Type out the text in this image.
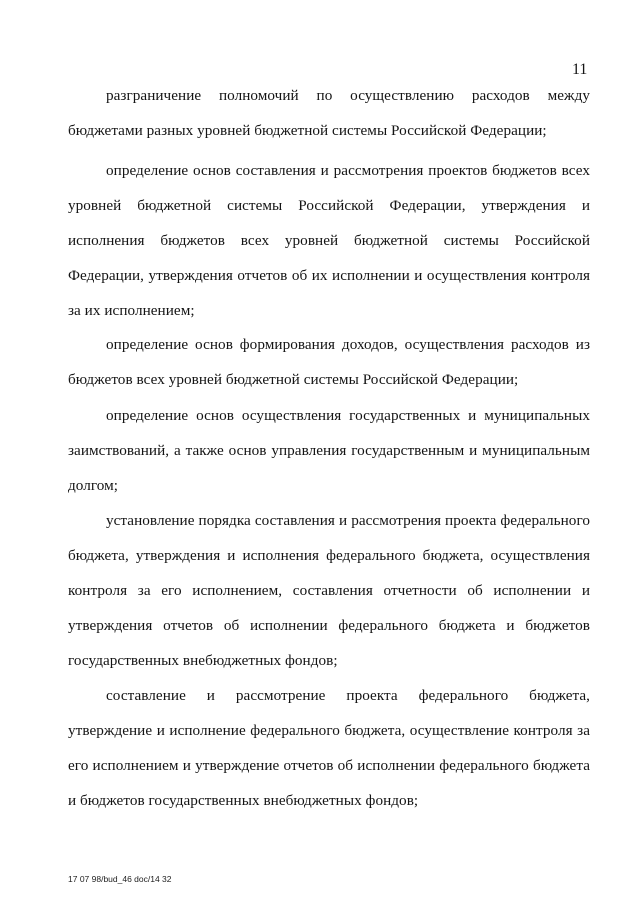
11

разграничение полномочий по осуществлению расходов между бюджетами разных уровней бюджетной системы Российской Федерации;

определение основ составления и рассмотрения проектов бюджетов всех уровней бюджетной системы Российской Федерации, утверждения и исполнения бюджетов всех уровней бюджетной системы Российской Федерации, утверждения отчетов об их исполнении и осуществления контроля за их исполнением;

определение основ формирования доходов, осуществления расходов из бюджетов всех уровней бюджетной системы Российской Федерации;

определение основ осуществления государственных и муниципальных заимствований, а также основ управления государственным и муниципальным долгом;

установление порядка составления и рассмотрения проекта федерального бюджета, утверждения и исполнения федерального бюджета, осуществления контроля за его исполнением, составления отчетности об исполнении и утверждения отчетов об исполнении федерального бюджета и бюджетов государственных внебюджетных фондов;

составление и рассмотрение проекта федерального бюджета, утверждение и исполнение федерального бюджета, осуществление контроля за его исполнением и утверждение отчетов об исполнении федерального бюджета и бюджетов государственных внебюджетных фондов;

17 07 98/bud_46 doc/14 32
